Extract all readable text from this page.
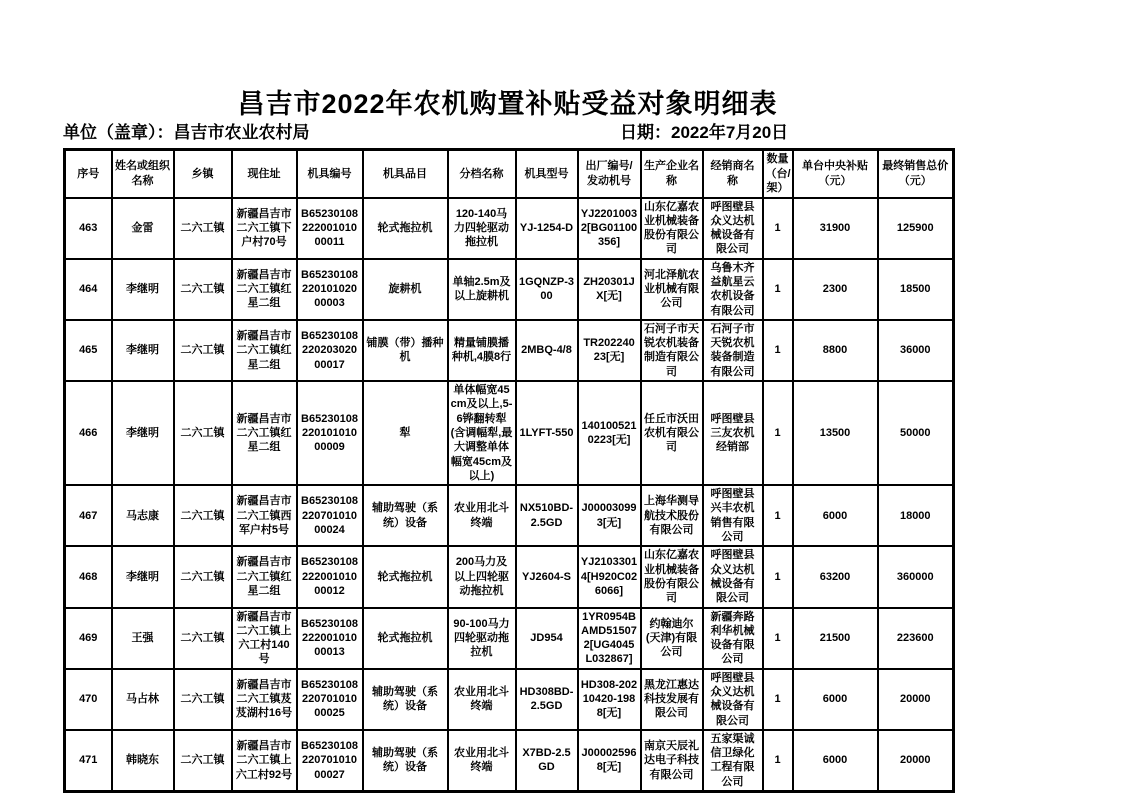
昌吉市2022年农机购置补贴受益对象明细表
单位（盖章）：昌吉市农业农村局	日期：2022年7月20日
序号	姓名或组织名称	乡镇	现住址	机具编号	机具品目	分档名称	机具型号	出厂编号/发动机号	生产企业名称	经销商名称	数量（台/架）	单台中央补贴（元）	最终销售总价（元）
463	金雷	二六工镇	新疆昌吉市二六工镇下户村70号	B6523010822200101000011	轮式拖拉机	120-140马力四轮驱动拖拉机	YJ-1254-D	YJ22010032[BG01100356]	山东亿嘉农业机械装备股份有限公司	呼图壁县众义达机械设备有限公司	1	31900	125900
464	李继明	二六工镇	新疆昌吉市二六工镇红星二组	B6523010822010102000003	旋耕机	单轴2.5m及以上旋耕机	1GQNZP-300	ZH20301JX[无]	河北泽航农业机械有限公司	乌鲁木齐益航星云农机设备有限公司	1	2300	18500
465	李继明	二六工镇	新疆昌吉市二六工镇红星二组	B6523010822020302000017	铺膜（带）播种机	精量铺膜播种机,4膜8行	2MBQ-4/8	TR20224023[无]	石河子市天锐农机装备制造有限公司	石河子市天锐农机装备制造有限公司	1	8800	36000
466	李继明	二六工镇	新疆昌吉市二六工镇红星二组	B6523010822010101000009	犁	单体幅宽45cm及以上,5-6铧翻转犁(含调幅犁,最大调整单体幅宽45cm及以上)	1LYFT-550	1401005210223[无]	任丘市沃田农机有限公司	呼图壁县三友农机经销部	1	13500	50000
467	马志康	二六工镇	新疆昌吉市二六工镇西军户村5号	B6523010822070101000024	辅助驾驶（系统）设备	农业用北斗终端	NX510BD-2.5GD	J000030993[无]	上海华测导航技术股份有限公司	呼图壁县兴丰农机销售有限公司	1	6000	18000
468	李继明	二六工镇	新疆昌吉市二六工镇红星二组	B6523010822200101000012	轮式拖拉机	200马力及以上四轮驱动拖拉机	YJ2604-S	YJ21033014[H920C026066]	山东亿嘉农业机械装备股份有限公司	呼图壁县众义达机械设备有限公司	1	63200	360000
469	王强	二六工镇	新疆昌吉市二六工镇上六工村140号	B6523010822200101000013	轮式拖拉机	90-100马力四轮驱动拖拉机	JD954	1YR0954BAMD515072[UG4045L032867]	约翰迪尔(天津)有限公司	新疆奔路利华机械设备有限公司	1	21500	223600
470	马占林	二六工镇	新疆昌吉市二六工镇芨芨湖村16号	B6523010822070101000025	辅助驾驶（系统）设备	农业用北斗终端	HD308BD-2.5GD	HD308-20210420-1988[无]	黑龙江惠达科技发展有限公司	呼图壁县众义达机械设备有限公司	1	6000	20000
471	韩晓东	二六工镇	新疆昌吉市二六工镇上六工村92号	B6523010822070101000027	辅助驾驶（系统）设备	农业用北斗终端	X7BD-2.5GD	J000025968[无]	南京天辰礼达电子科技有限公司	五家渠诚信卫绿化工程有限公司	1	6000	20000
